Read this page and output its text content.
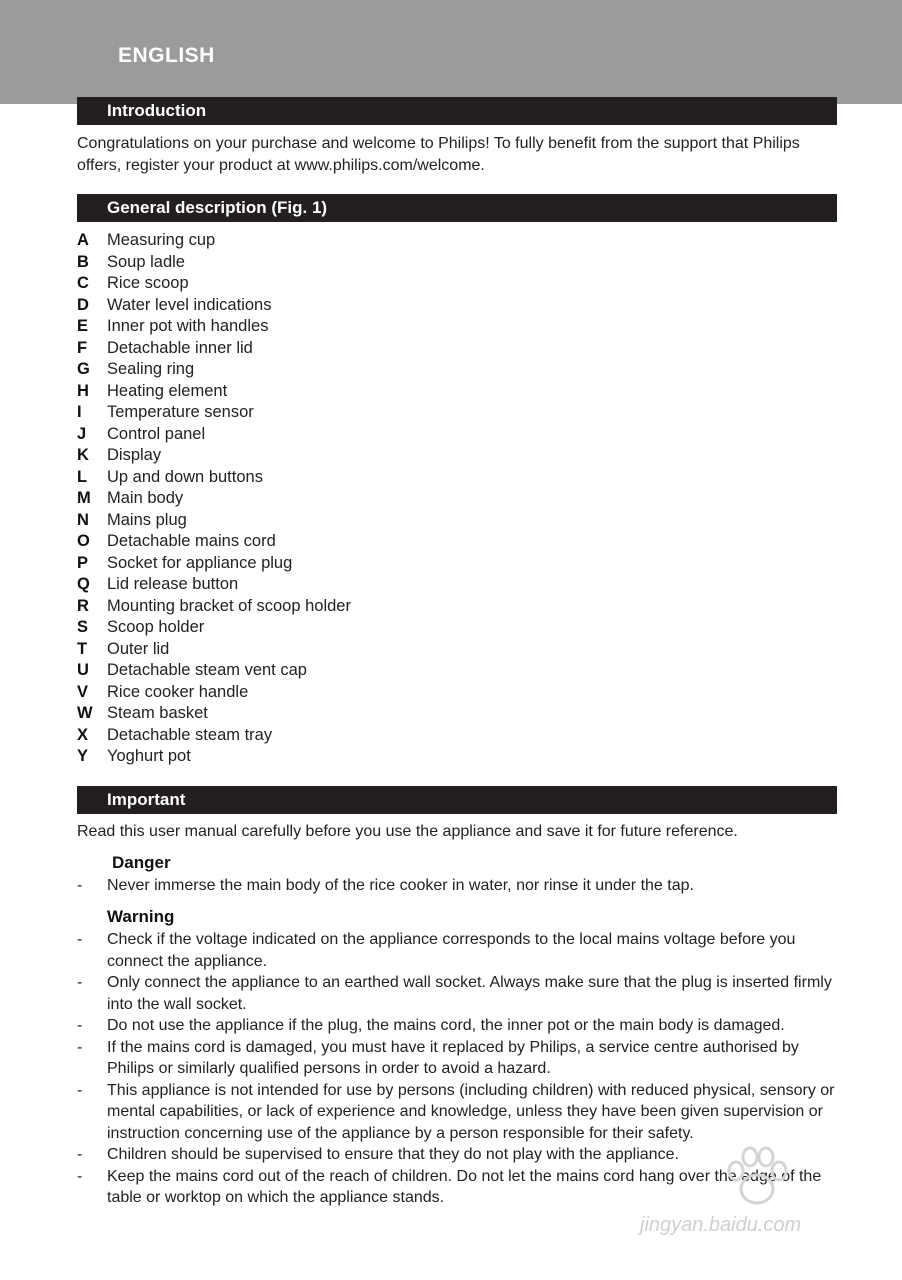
ENGLISH
Introduction
Congratulations on your purchase and welcome to Philips! To fully benefit from the support that Philips offers, register your product at www.philips.com/welcome.
General description (Fig. 1)
A Measuring cup
B Soup ladle
C Rice scoop
D Water level indications
E Inner pot with handles
F Detachable inner lid
G Sealing ring
H Heating element
I Temperature sensor
J Control panel
K Display
L Up and down buttons
M Main body
N Mains plug
O Detachable mains cord
P Socket for appliance plug
Q Lid release button
R Mounting bracket of scoop holder
S Scoop holder
T Outer lid
U Detachable steam vent cap
V Rice cooker handle
W Steam basket
X Detachable steam tray
Y Yoghurt pot
Important
Read this user manual carefully before you use the appliance and save it for future reference.
Danger
- Never immerse the main body of the rice cooker in water, nor rinse it under the tap.
Warning
- Check if the voltage indicated on the appliance corresponds to the local mains voltage before you connect the appliance.
- Only connect the appliance to an earthed wall socket. Always make sure that the plug is inserted firmly into the wall socket.
- Do not use the appliance if the plug, the mains cord, the inner pot or the main body is damaged.
- If the mains cord is damaged, you must have it replaced by Philips, a service centre authorised by Philips or similarly qualified persons in order to avoid a hazard.
- This appliance is not intended for use by persons (including children) with reduced physical, sensory or mental capabilities, or lack of experience and knowledge, unless they have been given supervision or instruction concerning use of the appliance by a person responsible for their safety.
- Children should be supervised to ensure that they do not play with the appliance.
- Keep the mains cord out of the reach of children. Do not let the mains cord hang over the edge of the table or worktop on which the appliance stands.
jingyan.baidu.com
